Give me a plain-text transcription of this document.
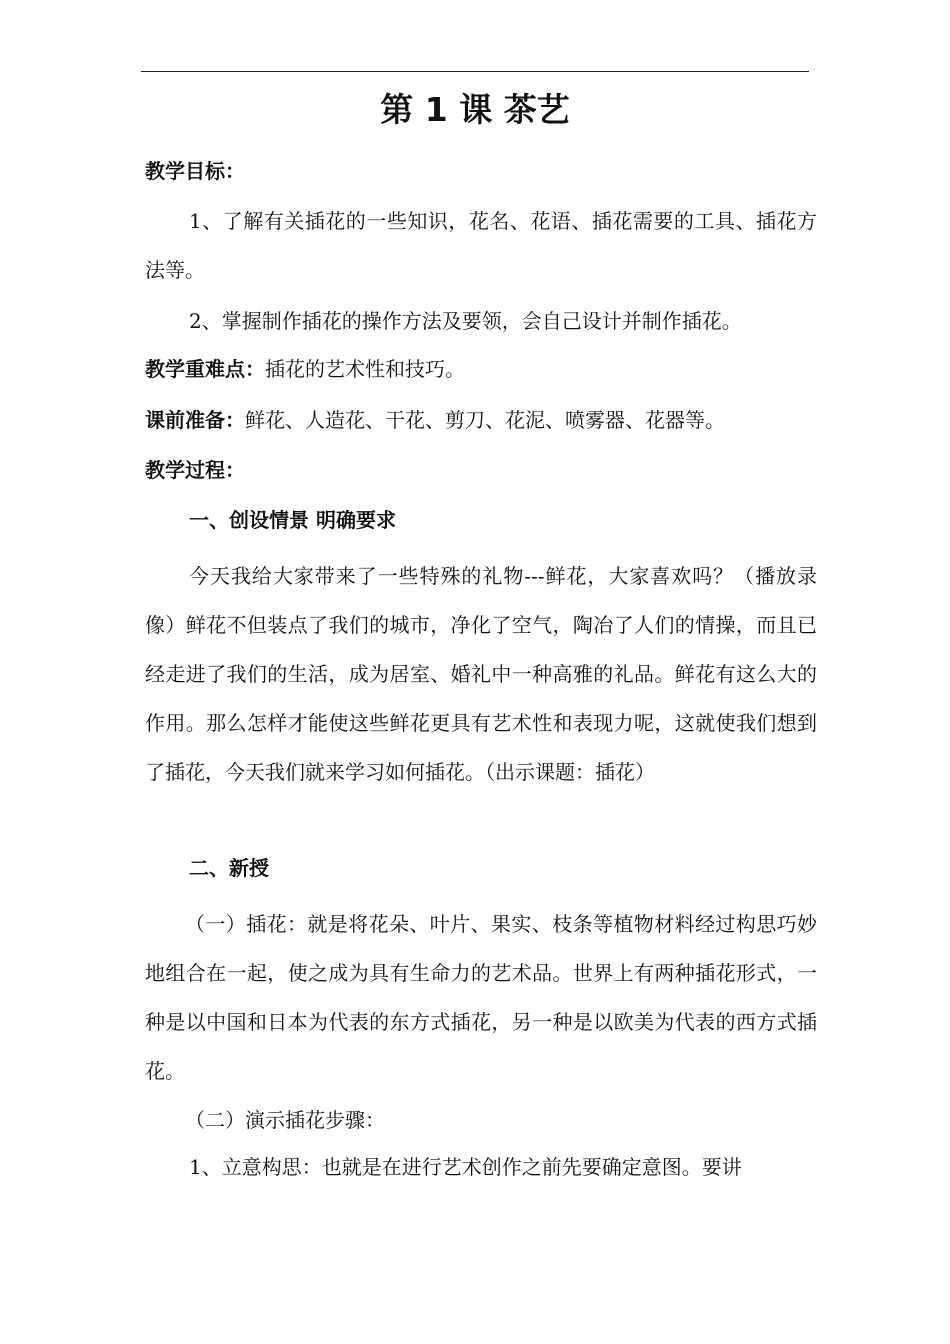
第 1 课 茶艺

教学目标：

1、了解有关插花的一些知识，花名、花语、插花需要的工具、插花方法等。

2、掌握制作插花的操作方法及要领，会自己设计并制作插花。

教学重难点：插花的艺术性和技巧。

课前准备：鲜花、人造花、干花、剪刀、花泥、喷雾器、花器等。

教学过程：

一、创设情景 明确要求

今天我给大家带来了一些特殊的礼物---鲜花，大家喜欢吗？（播放录像）鲜花不但装点了我们的城市，净化了空气，陶冶了人们的情操，而且已经走进了我们的生活，成为居室、婚礼中一种高雅的礼品。鲜花有这么大的作用。那么怎样才能使这些鲜花更具有艺术性和表现力呢，这就使我们想到了插花，今天我们就来学习如何插花。（出示课题：插花）

二、新授

（一）插花：就是将花朵、叶片、果实、枝条等植物材料经过构思巧妙地组合在一起，使之成为具有生命力的艺术品。世界上有两种插花形式，一种是以中国和日本为代表的东方式插花，另一种是以欧美为代表的西方式插花。

（二）演示插花步骤：

1、立意构思：也就是在进行艺术创作之前先要确定意图。要讲
